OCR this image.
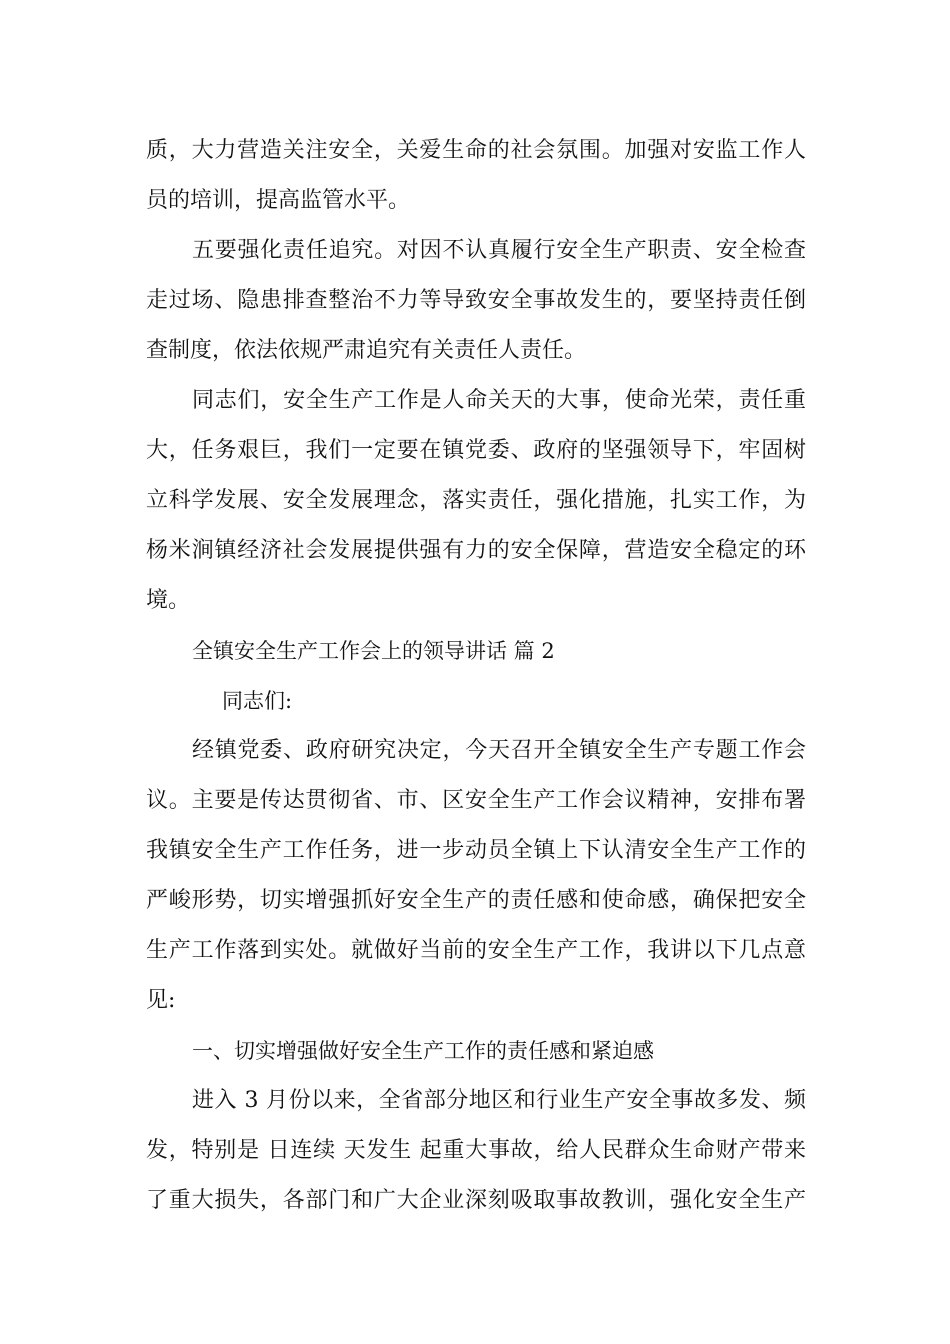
质，大力营造关注安全，关爱生命的社会氛围。加强对安监工作人

员的培训，提高监管水平。

五要强化责任追究。对因不认真履行安全生产职责、安全检查

走过场、隐患排查整治不力等导致安全事故发生的，要坚持责任倒

查制度，依法依规严肃追究有关责任人责任。

同志们，安全生产工作是人命关天的大事，使命光荣，责任重

大，任务艰巨，我们一定要在镇党委、政府的坚强领导下，牢固树

立科学发展、安全发展理念，落实责任，强化措施，扎实工作，为

杨米涧镇经济社会发展提供强有力的安全保障，营造安全稳定的环

境。

全镇安全生产工作会上的领导讲话 篇 2

同志们:

经镇党委、政府研究决定，今天召开全镇安全生产专题工作会

议。主要是传达贯彻省、市、区安全生产工作会议精神，安排布署

我镇安全生产工作任务，进一步动员全镇上下认清安全生产工作的

严峻形势，切实增强抓好安全生产的责任感和使命感，确保把安全

生产工作落到实处。就做好当前的安全生产工作，我讲以下几点意

见:

一、切实增强做好安全生产工作的责任感和紧迫感

进入 3 月份以来，全省部分地区和行业生产安全事故多发、频

发，特别是 日连续 天发生 起重大事故，给人民群众生命财产带来

了重大损失，各部门和广大企业深刻吸取事故教训，强化安全生产
